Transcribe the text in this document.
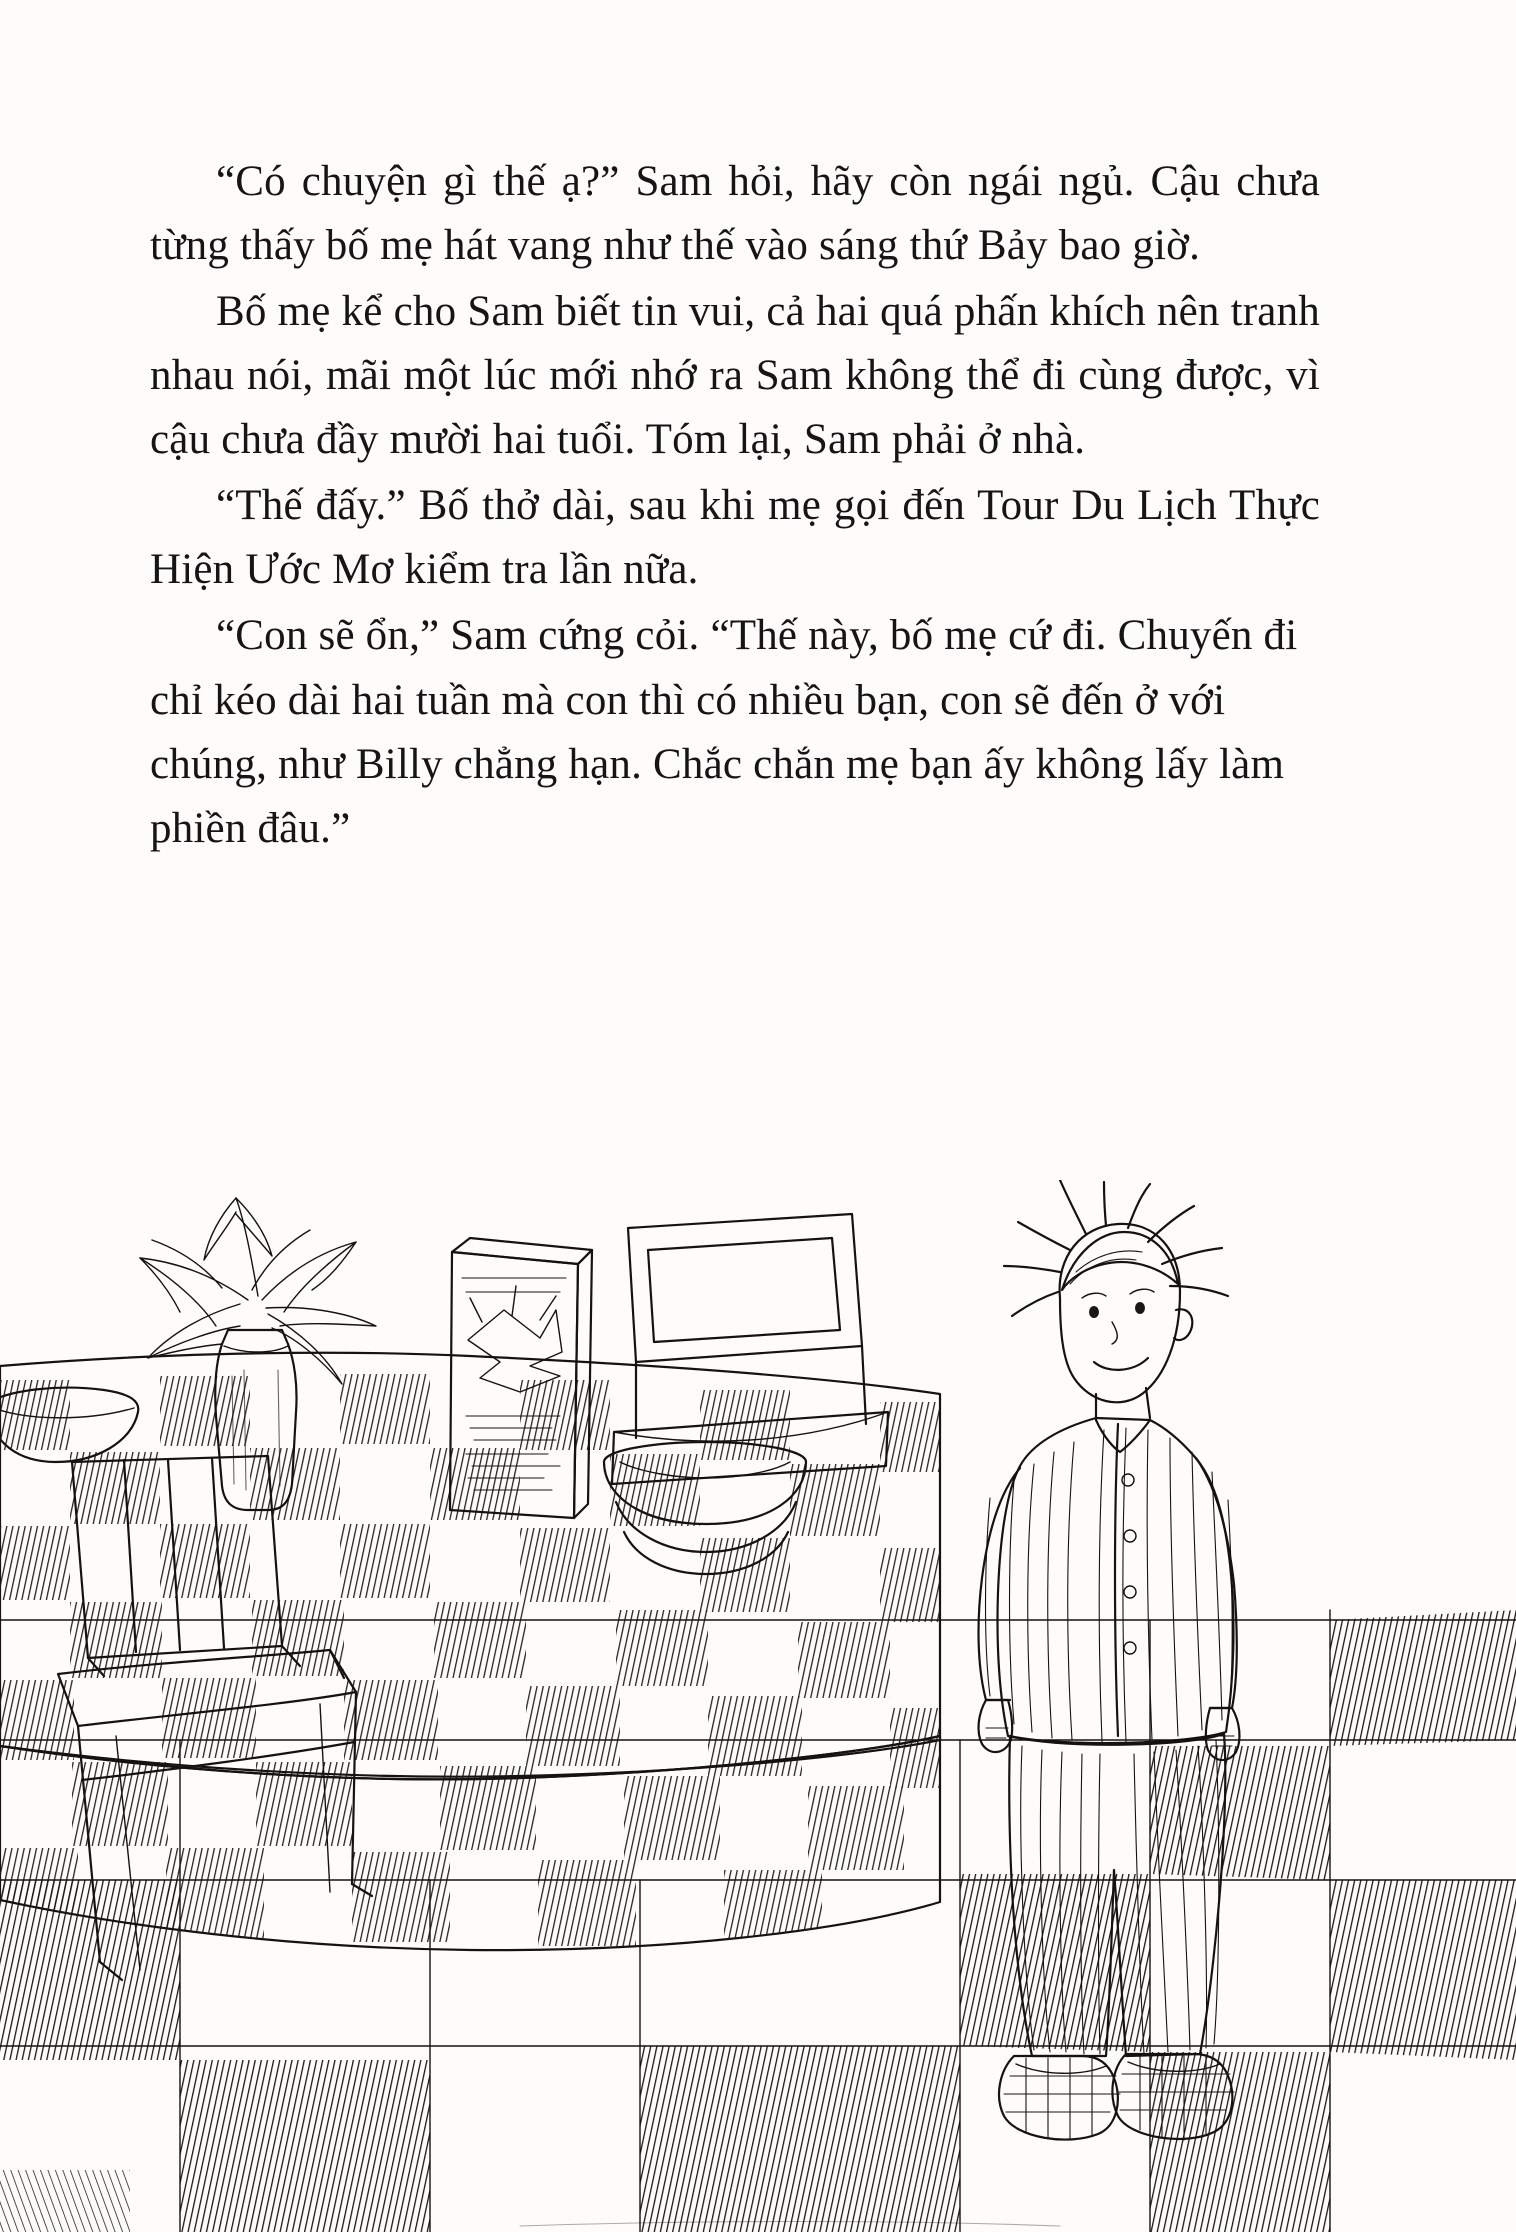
“Có chuyện gì thế ạ?” Sam hỏi, hãy còn ngái ngủ. Cậu chưa từng thấy bố mẹ hát vang như thế vào sáng thứ Bảy bao giờ.

Bố mẹ kể cho Sam biết tin vui, cả hai quá phấn khích nên tranh nhau nói, mãi một lúc mới nhớ ra Sam không thể đi cùng được, vì cậu chưa đầy mười hai tuổi. Tóm lại, Sam phải ở nhà.

“Thế đấy.” Bố thở dài, sau khi mẹ gọi đến Tour Du Lịch Thực Hiện Ước Mơ kiểm tra lần nữa.

“Con sẽ ổn,” Sam cứng cỏi. “Thế này, bố mẹ cứ đi. Chuyến đi chỉ kéo dài hai tuần mà con thì có nhiều bạn, con sẽ đến ở với chúng, như Billy chẳng hạn. Chắc chắn mẹ bạn ấy không lấy làm phiền đâu.”
